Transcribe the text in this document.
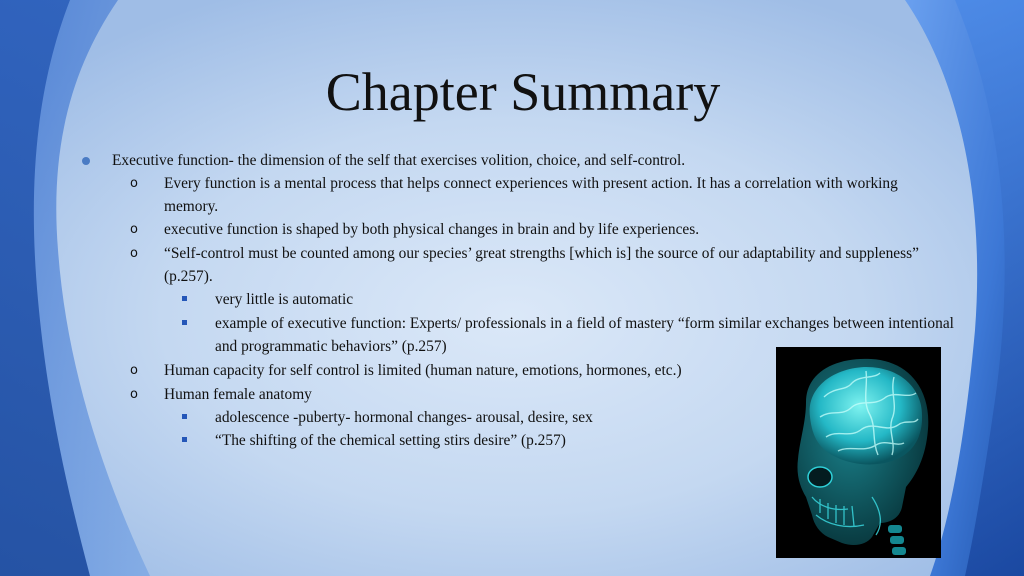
Chapter Summary
Executive function- the dimension of the self that exercises volition, choice, and self-control.
o Every function is a mental process that helps connect experiences with present action. It has a correlation with working memory.
o executive function is shaped by both physical changes in brain and by life experiences.
o “Self-control must be counted among our species’ great strengths [which is] the source of our adaptability and suppleness” (p.257).
very little is automatic
example of executive function: Experts/ professionals in a field of mastery “form similar exchanges between intentional and programmatic behaviors” (p.257)
o Human capacity for self control is limited (human nature, emotions, hormones, etc.)
o Human female anatomy
adolescence -puberty- hormonal changes- arousal, desire, sex
“The shifting of the chemical setting stirs desire” (p.257)
